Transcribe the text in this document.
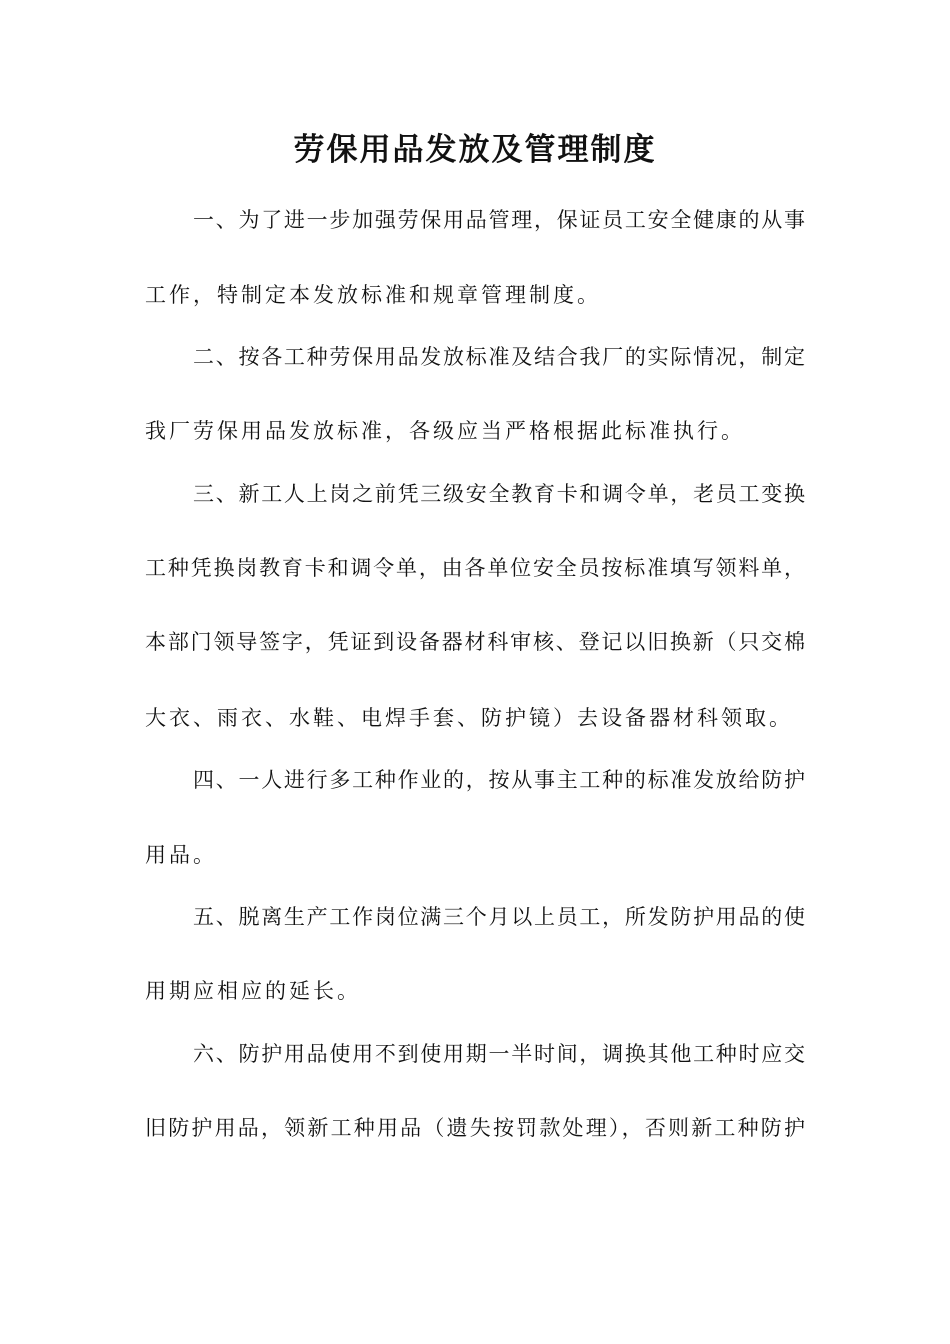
劳保用品发放及管理制度
一、为了进一步加强劳保用品管理，保证员工安全健康的从事
工作，特制定本发放标准和规章管理制度。
二、按各工种劳保用品发放标准及结合我厂的实际情况，制定
我厂劳保用品发放标准，各级应当严格根据此标准执行。
三、新工人上岗之前凭三级安全教育卡和调令单，老员工变换
工种凭换岗教育卡和调令单，由各单位安全员按标准填写领料单，
本部门领导签字，凭证到设备器材科审核、登记以旧换新（只交棉
大衣、雨衣、水鞋、电焊手套、防护镜）去设备器材科领取。
四、一人进行多工种作业的，按从事主工种的标准发放给防护
用品。
五、脱离生产工作岗位满三个月以上员工，所发防护用品的使
用期应相应的延长。
六、防护用品使用不到使用期一半时间，调换其他工种时应交
旧防护用品，领新工种用品（遗失按罚款处理），否则新工种防护
